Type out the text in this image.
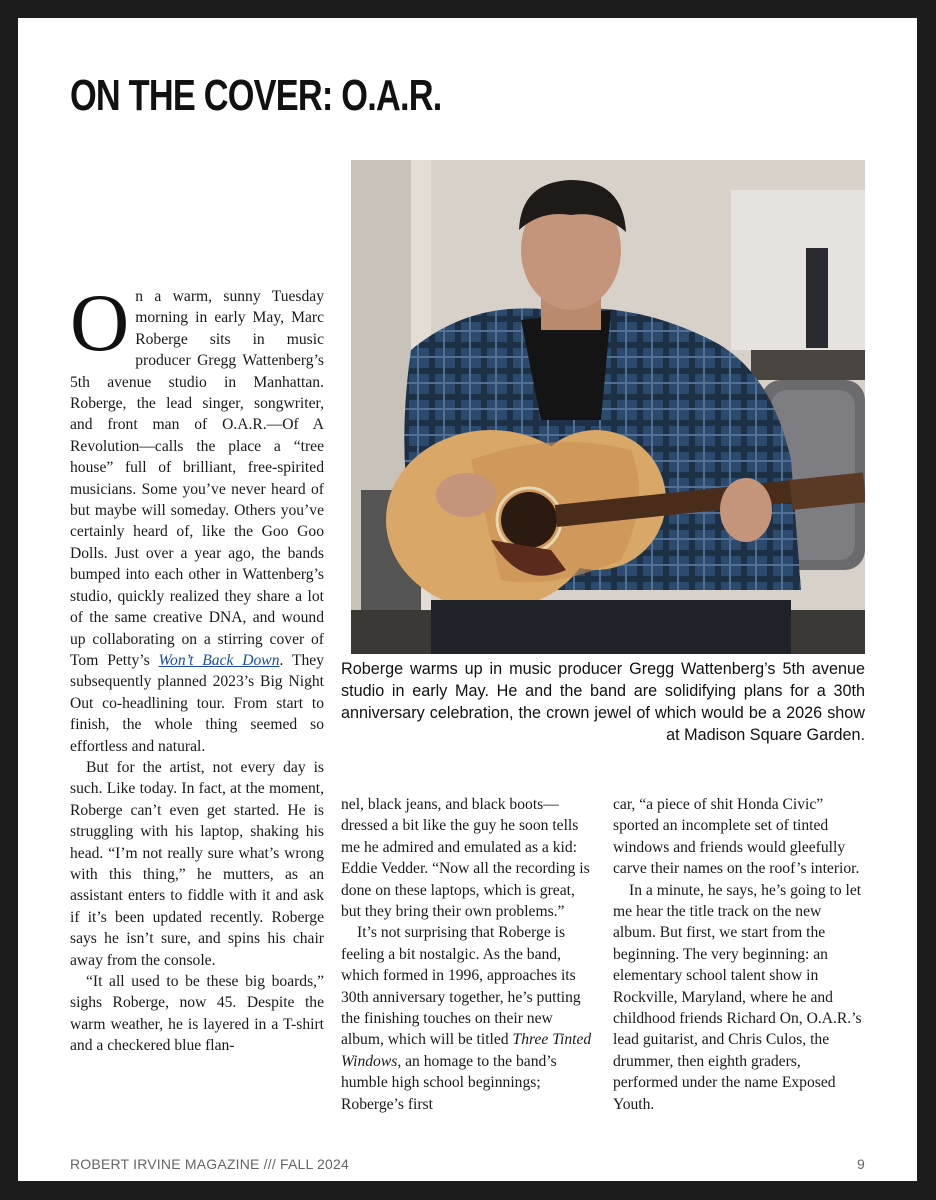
ON THE COVER: O.A.R.
Roberge warms up in music producer Gregg Wattenberg’s 5th avenue studio in early May. He and the band are solidifying plans for a 30th anniversary celebration, the crown jewel of which would be a 2026 show at Madison Square Garden.

On a warm, sunny Tuesday morning in early May, Marc Roberge sits in music producer Gregg Wattenberg’s 5th avenue studio in Manhattan. Roberge, the lead singer, songwriter, and front man of O.A.R.—Of A Revolution—calls the place a “tree house” full of brilliant, free-spirited musicians. Some you’ve never heard of but maybe will someday. Others you’ve certainly heard of, like the Goo Goo Dolls. Just over a year ago, the bands bumped into each other in Wattenberg’s studio, quickly realized they share a lot of the same creative DNA, and wound up collaborating on a stirring cover of Tom Petty’s Won’t Back Down. They subsequently planned 2023’s Big Night Out co-headlining tour. From start to finish, the whole thing seemed so effortless and natural.

But for the artist, not every day is such. Like today. In fact, at the moment, Roberge can’t even get started. He is struggling with his laptop, shaking his head. “I’m not really sure what’s wrong with this thing,” he mutters, as an assistant enters to fiddle with it and ask if it’s been updated recently. Roberge says he isn’t sure, and spins his chair away from the console.

“It all used to be these big boards,” sighs Roberge, now 45. Despite the warm weather, he is layered in a T-shirt and a checkered blue flan-

nel, black jeans, and black boots—dressed a bit like the guy he soon tells me he admired and emulated as a kid: Eddie Vedder. “Now all the recording is done on these laptops, which is great, but they bring their own problems.”

It’s not surprising that Roberge is feeling a bit nostalgic. As the band, which formed in 1996, approaches its 30th anniversary together, he’s putting the finishing touches on their new album, which will be titled Three Tinted Windows, an homage to the band’s humble high school beginnings; Roberge’s first

car, “a piece of shit Honda Civic” sported an incomplete set of tinted windows and friends would gleefully carve their names on the roof’s interior.

In a minute, he says, he’s going to let me hear the title track on the new album. But first, we start from the beginning. The very beginning: an elementary school talent show in Rockville, Maryland, where he and childhood friends Richard On, O.A.R.’s lead guitarist, and Chris Culos, the drummer, then eighth graders, performed under the name Exposed Youth.

ROBERT IRVINE MAGAZINE /// FALL 2024	9
